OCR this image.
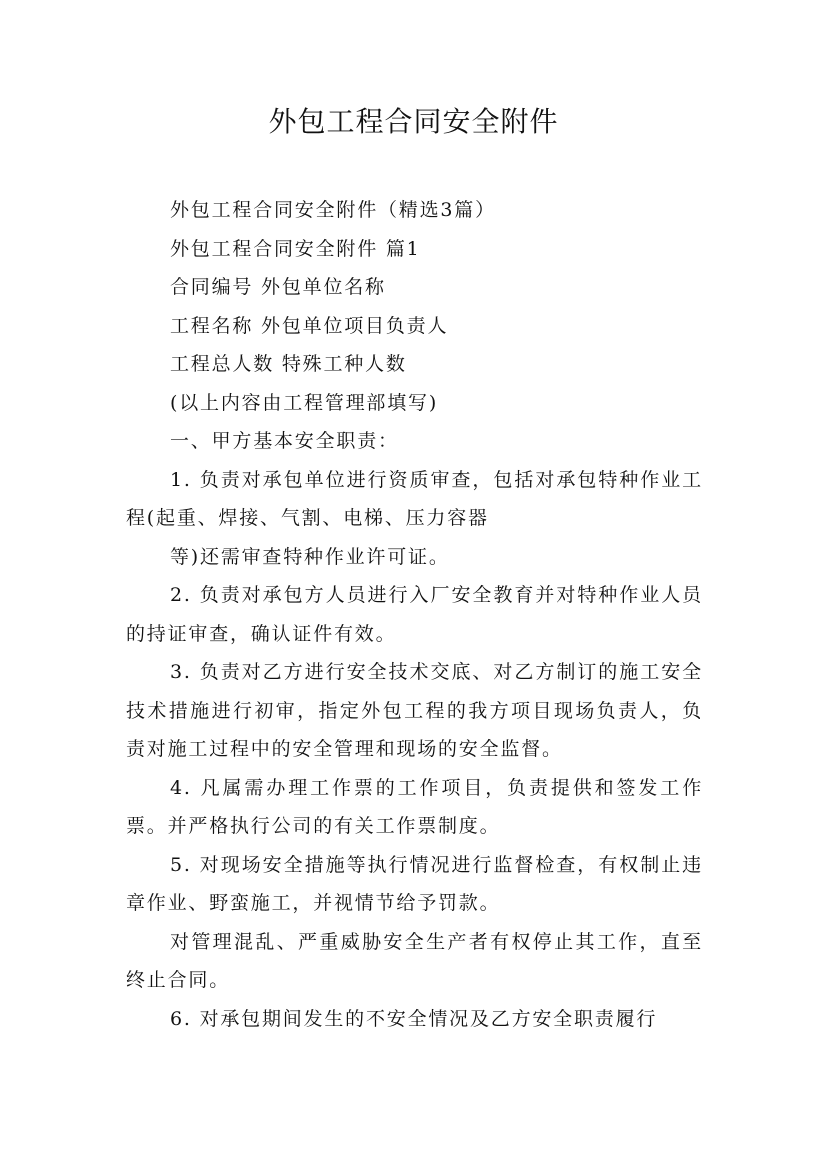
外包工程合同安全附件

外包工程合同安全附件（精选3篇）

外包工程合同安全附件 篇1

合同编号 外包单位名称

工程名称 外包单位项目负责人

工程总人数 特殊工种人数

(以上内容由工程管理部填写)

一、甲方基本安全职责：

1. 负责对承包单位进行资质审查，包括对承包特种作业工程(起重、焊接、气割、电梯、压力容器

等)还需审查特种作业许可证。

2. 负责对承包方人员进行入厂安全教育并对特种作业人员的持证审查，确认证件有效。

3. 负责对乙方进行安全技术交底、对乙方制订的施工安全技术措施进行初审，指定外包工程的我方项目现场负责人，负责对施工过程中的安全管理和现场的安全监督。

4. 凡属需办理工作票的工作项目，负责提供和签发工作票。并严格执行公司的有关工作票制度。

5. 对现场安全措施等执行情况进行监督检查，有权制止违章作业、野蛮施工，并视情节给予罚款。

对管理混乱、严重威胁安全生产者有权停止其工作，直至终止合同。

6. 对承包期间发生的不安全情况及乙方安全职责履行
